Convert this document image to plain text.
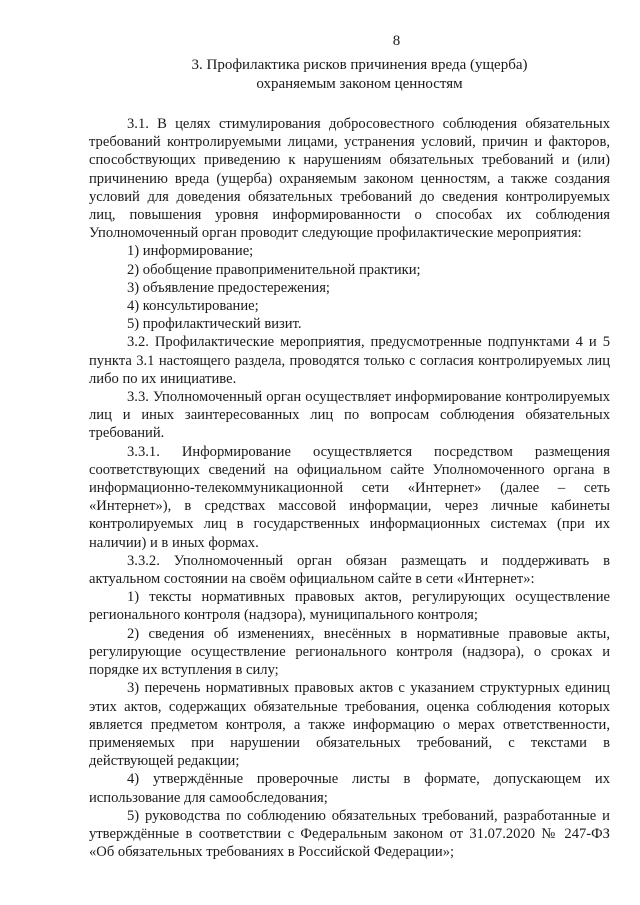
8
3. Профилактика рисков причинения вреда (ущерба)
охраняемым законом ценностям

3.1. В целях стимулирования добросовестного соблюдения обязательных требований контролируемыми лицами, устранения условий, причин и факторов, способствующих приведению к нарушениям обязательных требований и (или) причинению вреда (ущерба) охраняемым законом ценностям, а также создания условий для доведения обязательных требований до сведения контролируемых лиц, повышения уровня информированности о способах их соблюдения Уполномоченный орган проводит следующие профилактические мероприятия:

1) информирование;

2) обобщение правоприменительной практики;

3) объявление предостережения;

4) консультирование;

5) профилактический визит.

3.2. Профилактические мероприятия, предусмотренные подпунктами 4 и 5 пункта 3.1 настоящего раздела, проводятся только с согласия контролируемых лиц либо по их инициативе.

3.3. Уполномоченный орган осуществляет информирование контролируемых лиц и иных заинтересованных лиц по вопросам соблюдения обязательных требований.

3.3.1. Информирование осуществляется посредством размещения соответствующих сведений на официальном сайте Уполномоченного органа в информационно-телекоммуникационной сети «Интернет» (далее – сеть «Интернет»), в средствах массовой информации, через личные кабинеты контролируемых лиц в государственных информационных системах (при их наличии) и в иных формах.

3.3.2. Уполномоченный орган обязан размещать и поддерживать в актуальном состоянии на своём официальном сайте в сети «Интернет»:

1) тексты нормативных правовых актов, регулирующих осуществление регионального контроля (надзора), муниципального контроля;

2) сведения об изменениях, внесённых в нормативные правовые акты, регулирующие осуществление регионального контроля (надзора), о сроках и порядке их вступления в силу;

3) перечень нормативных правовых актов с указанием структурных единиц этих актов, содержащих обязательные требования, оценка соблюдения которых является предметом контроля, а также информацию о мерах ответственности, применяемых при нарушении обязательных требований, с текстами в действующей редакции;

4) утверждённые проверочные листы в формате, допускающем их использование для самообследования;

5) руководства по соблюдению обязательных требований, разработанные и утверждённые в соответствии с Федеральным законом от 31.07.2020 № 247-ФЗ «Об обязательных требованиях в Российской Федерации»;
